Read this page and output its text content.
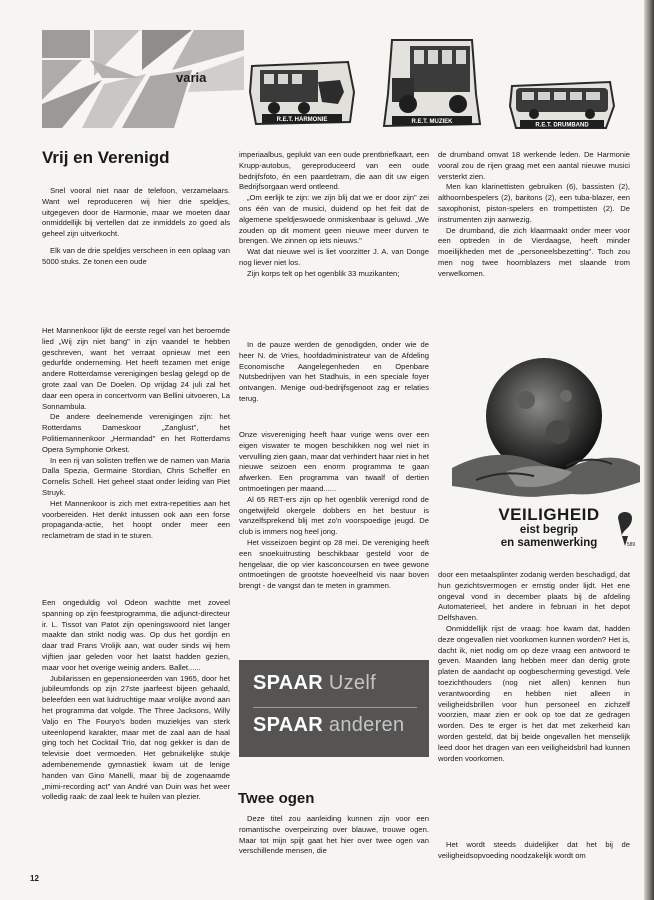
varia
R.E.T. HARMONIE	R.E.T. MUZIEK
R.E.T. DRUMBAND
Vrij en Verenigd

Snel vooral niet naar de telefoon, verzamelaars. Want wel reproduceren wij hier drie speldjes, uitgegeven door de Harmonie, maar we moeten daar onmiddellijk bij vertellen dat ze inmiddels zo goed als geheel zijn uitverkocht.

Elk van de drie speldjes verscheen in een oplaag van 5000 stuks. Ze tonen een oude

imperiaalbus, geplukt van een oude prentbriefkaart, een Krupp-autobus, gereproduceerd van een oude bedrijfsfoto, én een paardetram, die aan dit uw eigen Bedrijfsorgaan werd ontleend.

„Om eerlijk te zijn: we zijn blij dat we er door zijn" zei ons één van de musici, duidend op het feit dat de algemene speldjeswoede onmiskenbaar is geluwd. „We zouden op dit moment geen nieuwe meer durven te brengen. We zinnen op iets nieuws."

Wat dat nieuwe wel is liet voorzitter J. A. van Donge nog liever niet los.

Zijn korps telt op het ogenblik 33 muzikanten;

de drumband omvat 18 werkende leden. De Harmonie vooral zou de rijen graag met een aantal nieuwe musici versterkt zien.

Men kan klarinettisten gebruiken (6), bassisten (2), althoornbespelers (2), baritons (2), een tuba-blazer, een saxophonist, piston-spelers en trompettisten (2). De instrumenten zijn aanwezig.

De drumband, die zich klaarmaakt onder meer voor een optreden in de Vierdaagse, heeft minder moeilijkheden met de „personeelsbezetting". Toch zou men nog twee hoornblazers met slaande trom verwelkomen.

Het Mannenkoor lijkt de eerste regel van het beroemde lied „Wij zijn niet bang" in zijn vaandel te hebben geschreven, want het verraat opnieuw met een gedurfde onderneming. Het heeft tezamen met enige andere Rotterdamse verenigingen beslag gelegd op de grote zaal van De Doelen. Op vrijdag 24 juli zal het daar een opera in concertvorm van Bellini uitvoeren, La Sonnambula.

De andere deelnemende verenigingen zijn: het Rotterdams Dameskoor „Zanglust", het Politiemannenkoor „Hermandad" en het Rotterdams Opera Symphonie Orkest.

In een rij van solisten treffen we de namen van Maria Dalla Spezia, Germaine Stordian, Chris Scheffer en Cornelis Schell. Het geheel staat onder leiding van Piet Struyk.

Het Mannenkoor is zich met extra-repetities aan het voorbereiden. Het denkt intussen ook aan een forse propaganda-actie, het hoopt onder meer een reclametram de stad in te sturen.

Een ongeduldig vol Odeon wachtte met zoveel spanning op zijn feestprogramma, die adjunct-directeur ir. L. Tissot van Patot zijn openingswoord niet langer maakte dan strikt nodig was. Op dus het gordijn en daar trad Frans Vrolijk aan, wat ouder sinds wij hem vijftien jaar geleden voor het laatst hadden gezien, maar voor het overige weinig anders. Ballet......

Jubilarissen en gepensioneerden van 1965, door het jubileumfonds op zijn 27ste jaarfeest bijeen gehaald, beleefden een wat luidruchtige maar vrolijke avond aan het programma dat volgde. The Three Jacksons, Willy Valjo en The Fouryo's boden muziekjes van sterk uiteenlopend karakter, maar met de zaal aan de haal ging toch het Cocktail Trio, dat nog gekker is dan de televisie doet vermoeden. Het gebruikelijke stukje adembenemende gymnastiek kwam uit de lenige handen van Gino Manelli, maar bij de zogenaamde „mimi-recording act" van André van Duin was het weer volledig raak: de zaal leek te huilen van plezier.

In de pauze werden de genodigden, onder wie de heer N. de Vries, hoofdadministrateur van de Afdeling Economische Aangelegenheden en Openbare Nutsbedrijven van het Stadhuis, in een speciale foyer ontvangen. Menige oud-bedrijfsgenoot zag er relaties terug.

Onze visvereniging heeft haar vurige wens over een eigen viswater te mogen beschikken nog wel niet in vervulling zien gaan, maar dat verhindert haar niet in het nieuwe seizoen een enorm programma te gaan afwerken. Een programma van twaalf of dertien ontmoetingen per maand......

Al 65 RET-ers zijn op het ogenblik verenigd rond de ongetwijfeld okergele dobbers en het bestuur is vanzelfsprekend blij met zo'n voorspoedige jeugd. De club is immers nog heel jong.

Het visseizoen begint op 28 mei. De vereniging heeft een snoekuitrusting beschikbaar gesteld voor de hengelaar, die op vier kasconcoursen en twee gewone ontmoetingen de grootste hoeveelheid vis naar boven brengt - de vangst dan te meten in grammen.

SPAAR Uzelf
SPAAR anderen
Twee ogen

Deze titel zou aanleiding kunnen zijn voor een romantische overpeinzing over blauwe, trouwe ogen. Maar tot mijn spijt gaat het hier over twee ogen van verschillende mensen, die

589
VEILIGHEID
eist begrip
en samenwerking

door een metaalsplinter zodanig werden beschadigd, dat hun gezichtsvermogen er ernstig onder lijdt. Het ene ongeval vond in december plaats bij de afdeling Automaterieel, het andere in februari in het depot Delfshaven.

Onmiddellijk rijst de vraag: hoe kwam dat, hadden deze ongevallen niet voorkomen kunnen worden? Het is, dacht ik, niet nodig om op deze vraag een antwoord te geven. Maanden lang hebben meer dan dertig grote platen de aandacht op oogbescherming gevestigd. Vele toezichthouders (nog niet allen) kennen hun verantwoording en hebben niet alleen in veiligheidsbrillen voor hun personeel en zichzelf voorzien, maar zien er ook op toe dat ze gedragen worden. Des te erger is het dat met zekerheid kan worden gesteld, dat bij beide ongevallen het menselijk leed door het dragen van een veiligheidsbril had kunnen worden voorkomen.

Het wordt steeds duidelijker dat het bij de veiligheidsopvoeding noodzakelijk wordt om

12
